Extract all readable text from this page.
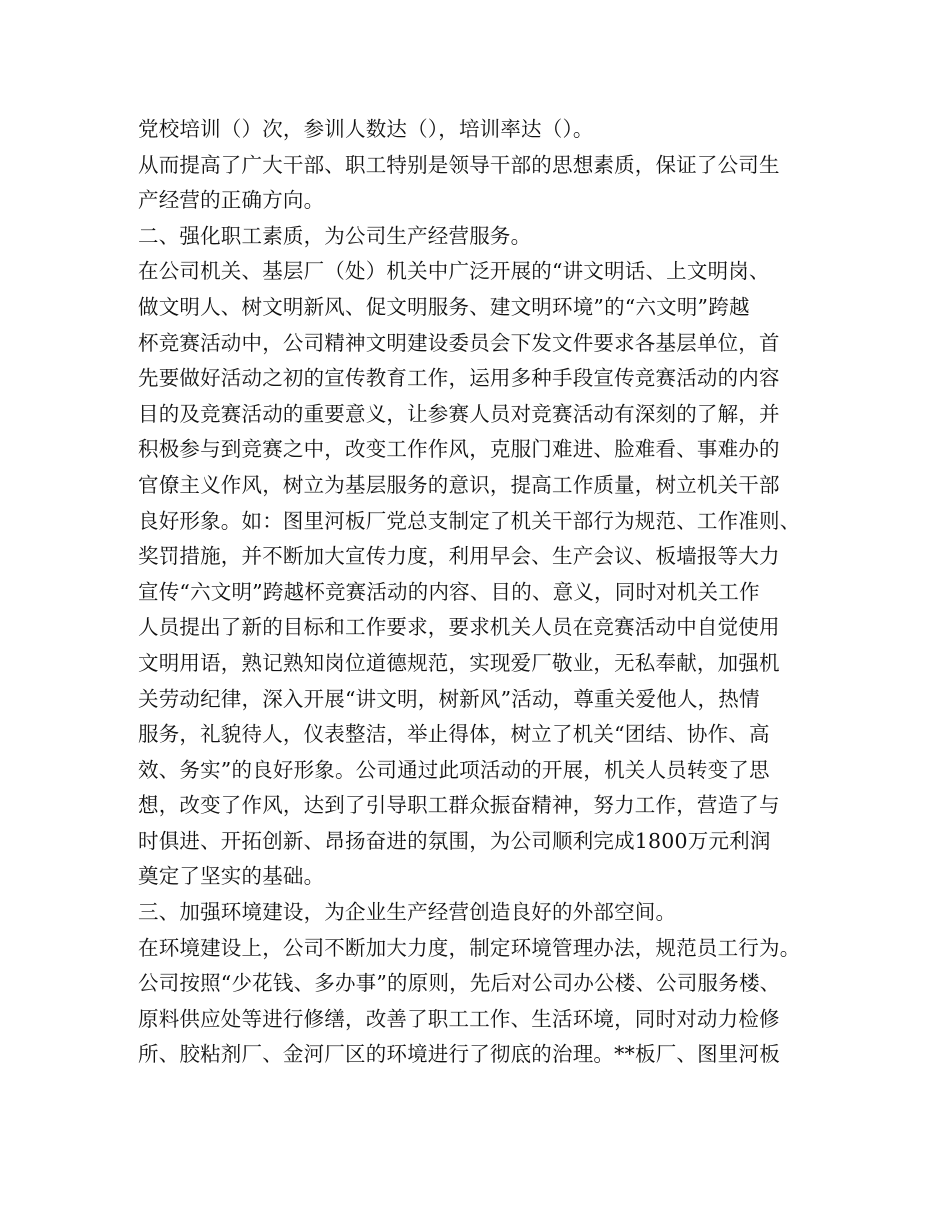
党校培训（）次，参训人数达（），培训率达（）。
从而提高了广大干部、职工特别是领导干部的思想素质，保证了公司生
产经营的正确方向。
二、强化职工素质，为公司生产经营服务。
在公司机关、基层厂（处）机关中广泛开展的“讲文明话、上文明岗、
做文明人、树文明新风、促文明服务、建文明环境”的“六文明”跨越
杯竞赛活动中，公司精神文明建设委员会下发文件要求各基层单位，首
先要做好活动之初的宣传教育工作，运用多种手段宣传竞赛活动的内容
目的及竞赛活动的重要意义，让参赛人员对竞赛活动有深刻的了解，并
积极参与到竞赛之中，改变工作作风，克服门难进、脸难看、事难办的
官僚主义作风，树立为基层服务的意识，提高工作质量，树立机关干部
良好形象。如：图里河板厂党总支制定了机关干部行为规范、工作准则、
奖罚措施，并不断加大宣传力度，利用早会、生产会议、板墙报等大力
宣传“六文明”跨越杯竞赛活动的内容、目的、意义，同时对机关工作
人员提出了新的目标和工作要求，要求机关人员在竞赛活动中自觉使用
文明用语，熟记熟知岗位道德规范，实现爱厂敬业，无私奉献，加强机
关劳动纪律，深入开展“讲文明，树新风”活动，尊重关爱他人，热情
服务，礼貌待人，仪表整洁，举止得体，树立了机关“团结、协作、高
效、务实”的良好形象。公司通过此项活动的开展，机关人员转变了思
想，改变了作风，达到了引导职工群众振奋精神，努力工作，营造了与
时俱进、开拓创新、昂扬奋进的氛围，为公司顺利完成1800万元利润
奠定了坚实的基础。
三、加强环境建设，为企业生产经营创造良好的外部空间。
在环境建设上，公司不断加大力度，制定环境管理办法，规范员工行为。
公司按照“少花钱、多办事”的原则，先后对公司办公楼、公司服务楼、
原料供应处等进行修缮，改善了职工工作、生活环境，同时对动力检修
所、胶粘剂厂、金河厂区的环境进行了彻底的治理。**板厂、图里河板
